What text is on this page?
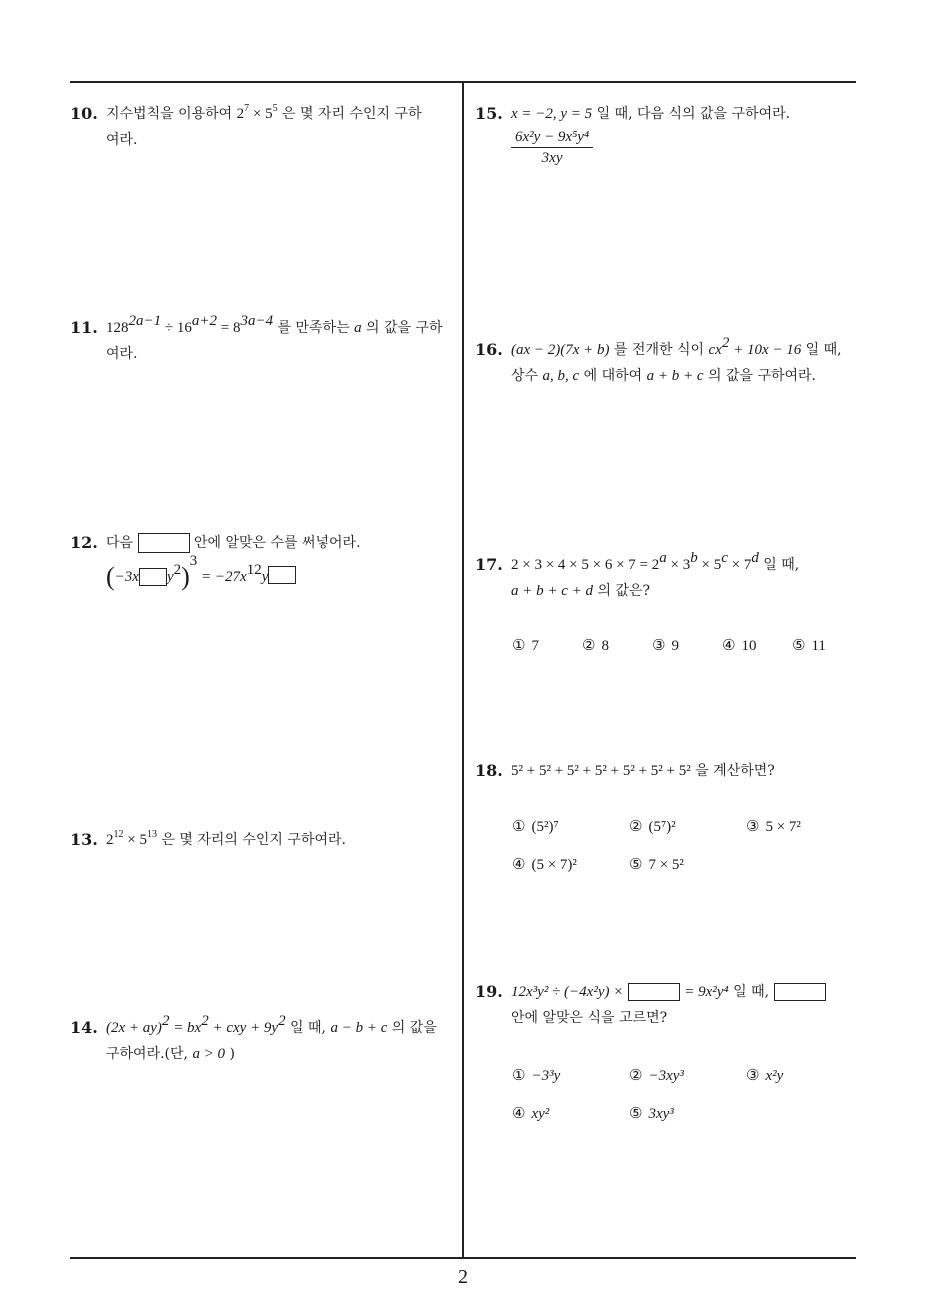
10. 지수법칙을 이용하여 $2^7 \times 5^5$ 은 몇 자리 수인지 구하
여라.
11. $128^{2a-1} \div 16^{a+2} = 8^{3a-4}$ 를 만족하는 a 의 값을 구하
여라.
12. 다음	안에 알맞은 수를 써넣어라.
(−3x $y^2)^3 = -27x^{12}y$
13. $2^{12} \times 5^{13}$ 은 몇 자리의 수인지 구하여라.
14. $(2x + ay)^2 = bx^2$ + cxy + $9y^2$ 일 때, a − b + c 의 값을
구하여라.(단, a > 0 )
15. x = −2, y = 5 일 때, 다음 식의 값을 구하여라.

$\frac{\text{6x²y − 9x⁵y⁴}}{3xy}$
16. (ax − 2)(7x + b) 를 전개한 식이 $cx^2 + 10x - 16$ 일 때,
상수 a, b, c 에 대하여 a + b + c 의 값을 구하여라.
17. $2 \times 3 \times 4 \times 5 \times 6 \times 7 = 2^a \times 3^b \times 5^c \times 7^d$ 일 때,
a + b + c + d 의 값은?
① 7	② 8	③ 9	④ 10 ⑤ 11
18. 5² + 5² + 5² + 5² + 5² + 5² + 5² 을 계산하면?
① (5²)⁷	② (5⁷)²	③ 5 × 7²
④ (5 × 7)²	⑤ 7 × 5²
19. 12x³y² ÷ (−4x²y) ×	= 9x²y⁴ 일 때,
안에 알맞은 식을 고르면?
① −3³y	② −3xy³	③ x²y
④ xy²	⑤ 3xy³
2
